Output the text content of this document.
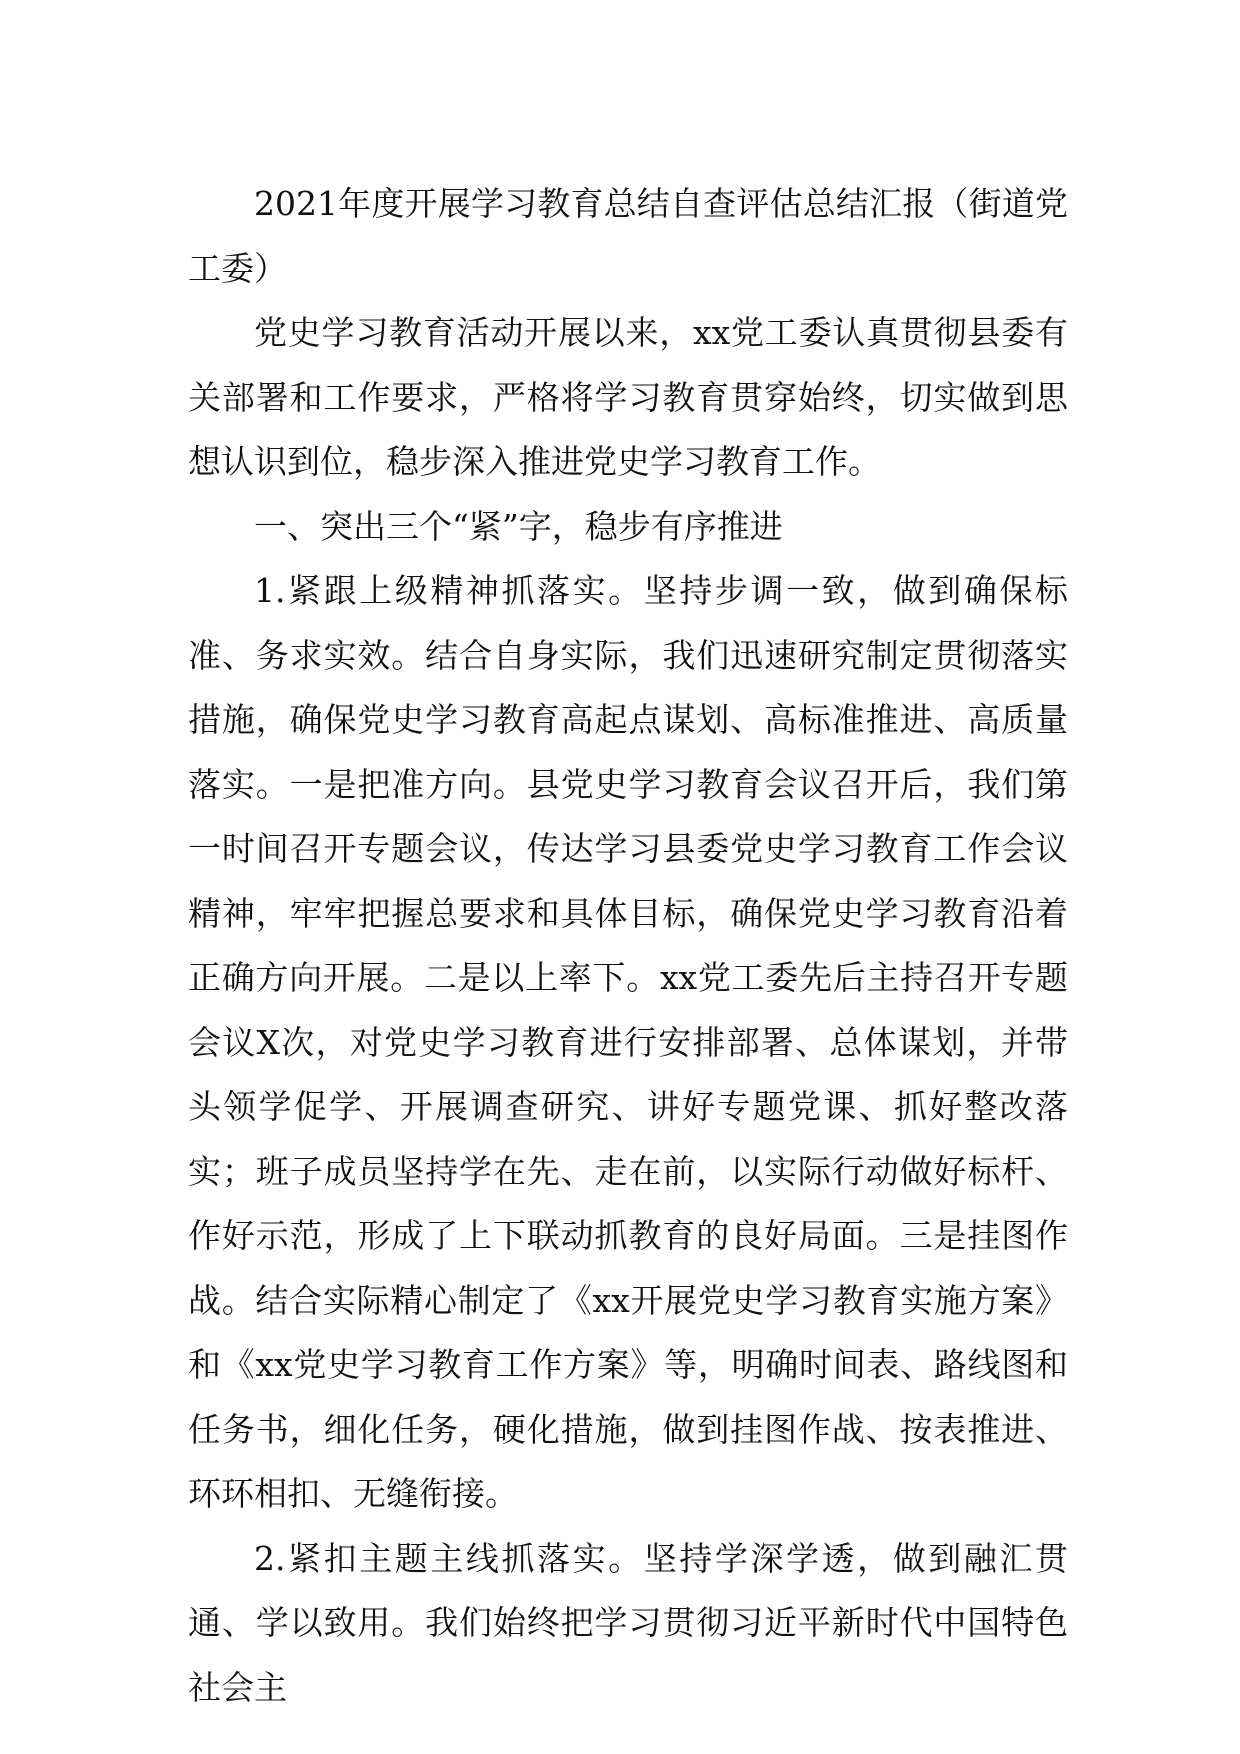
2021年度开展学习教育总结自查评估总结汇报（街道党工委）

党史学习教育活动开展以来，xx党工委认真贯彻县委有关部署和工作要求，严格将学习教育贯穿始终，切实做到思想认识到位，稳步深入推进党史学习教育工作。

一、突出三个“紧”字，稳步有序推进

1.紧跟上级精神抓落实。坚持步调一致，做到确保标准、务求实效。结合自身实际，我们迅速研究制定贯彻落实措施，确保党史学习教育高起点谋划、高标准推进、高质量落实。一是把准方向。县党史学习教育会议召开后，我们第一时间召开专题会议，传达学习县委党史学习教育工作会议精神，牢牢把握总要求和具体目标，确保党史学习教育沿着正确方向开展。二是以上率下。xx党工委先后主持召开专题会议X次，对党史学习教育进行安排部署、总体谋划，并带头领学促学、开展调查研究、讲好专题党课、抓好整改落实；班子成员坚持学在先、走在前，以实际行动做好标杆、作好示范，形成了上下联动抓教育的良好局面。三是挂图作战。结合实际精心制定了《xx开展党史学习教育实施方案》和《xx党史学习教育工作方案》等，明确时间表、路线图和任务书，细化任务，硬化措施，做到挂图作战、按表推进、环环相扣、无缝衔接。

2.紧扣主题主线抓落实。坚持学深学透，做到融汇贯通、学以致用。我们始终把学习贯彻习近平新时代中国特色社会主
